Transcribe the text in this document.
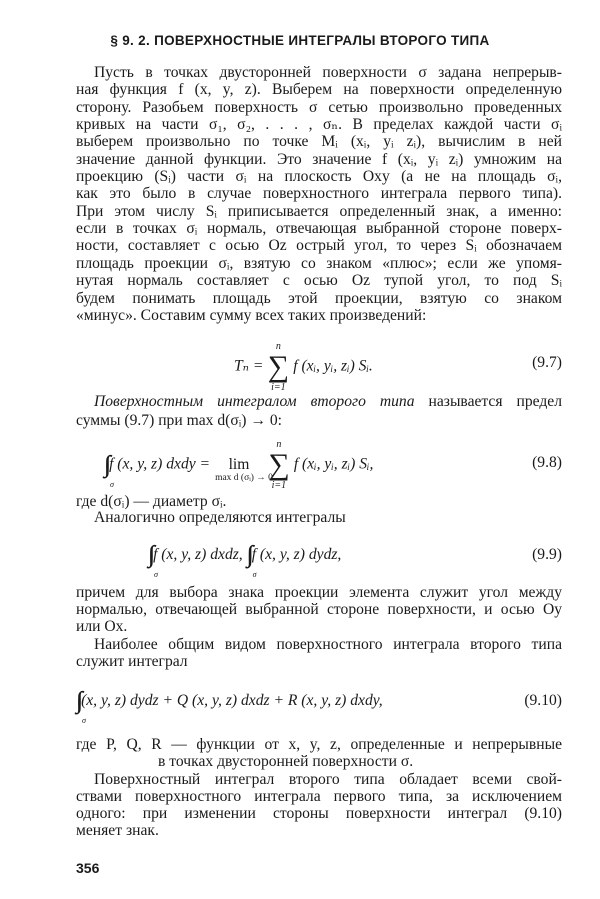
§ 9. 2. ПОВЕРХНОСТНЫЕ ИНТЕГРАЛЫ ВТОРОГО ТИПА
Пусть в точках двусторонней поверхности σ задана непрерыв-
ная функция f (x, y, z). Выберем на поверхности определенную
сторону. Разобьем поверхность σ сетью произвольно проведенных
кривых на части σ₁, σ₂, . . . , σₙ. В пределах каждой части σᵢ
выберем произвольно по точке Mᵢ (xᵢ, yᵢ zᵢ), вычислим в ней
значение данной функции. Это значение f (xᵢ, yᵢ zᵢ) умножим на
проекцию (Sᵢ) части σᵢ на плоскость Oxy (а не на площадь σᵢ,
как это было в случае поверхностного интеграла первого типа).
При этом числу Sᵢ приписывается определенный знак, а именно:
если в точках σᵢ нормаль, отвечающая выбранной стороне поверх-
ности, составляет с осью Oz острый угол, то через Sᵢ обозначаем
площадь проекции σᵢ, взятую со знаком «плюс»; если же упомя-
нутая нормаль составляет с осью Oz тупой угол, то под Sᵢ
будем понимать площадь этой проекции, взятую со знаком
«минус». Составим сумму всех таких произведений:
Tₙ = ∑
n
i=1
f (xᵢ, yᵢ, zᵢ) Sᵢ.	(9.7)
Поверхностным интегралом второго типа называется предел
суммы (9.7) при max d(σᵢ) → 0:
∫∫
σ
f (x, y, z) dxdy = lim
max d (σᵢ) → 0
∑
n
i=1
f (xᵢ, yᵢ, zᵢ) Sᵢ,	(9.8)
где d(σᵢ) — диаметр σᵢ.
Аналогично определяются интегралы
∫∫
σ
f (x, y, z) dxdz, ∫∫
σ
f (x, y, z) dydz,	(9.9)
причем для выбора знака проекции элемента служит угол между
нормалью, отвечающей выбранной стороне поверхности, и осью Oy
или Ox.
Наиболее общим видом поверхностного интеграла второго типа
служит интеграл
∫∫
σ
(x, y, z) dydz + Q (x, y, z) dxdz + R (x, y, z) dxdy,	(9.10)
где P, Q, R — функции от x, y, z, определенные и непрерывные
в точках двусторонней поверхности σ.
Поверхностный интеграл второго типа обладает всеми свой-
ствами поверхностного интеграла первого типа, за исключением
одного: при изменении стороны поверхности интеграл (9.10)
меняет знак.
356
